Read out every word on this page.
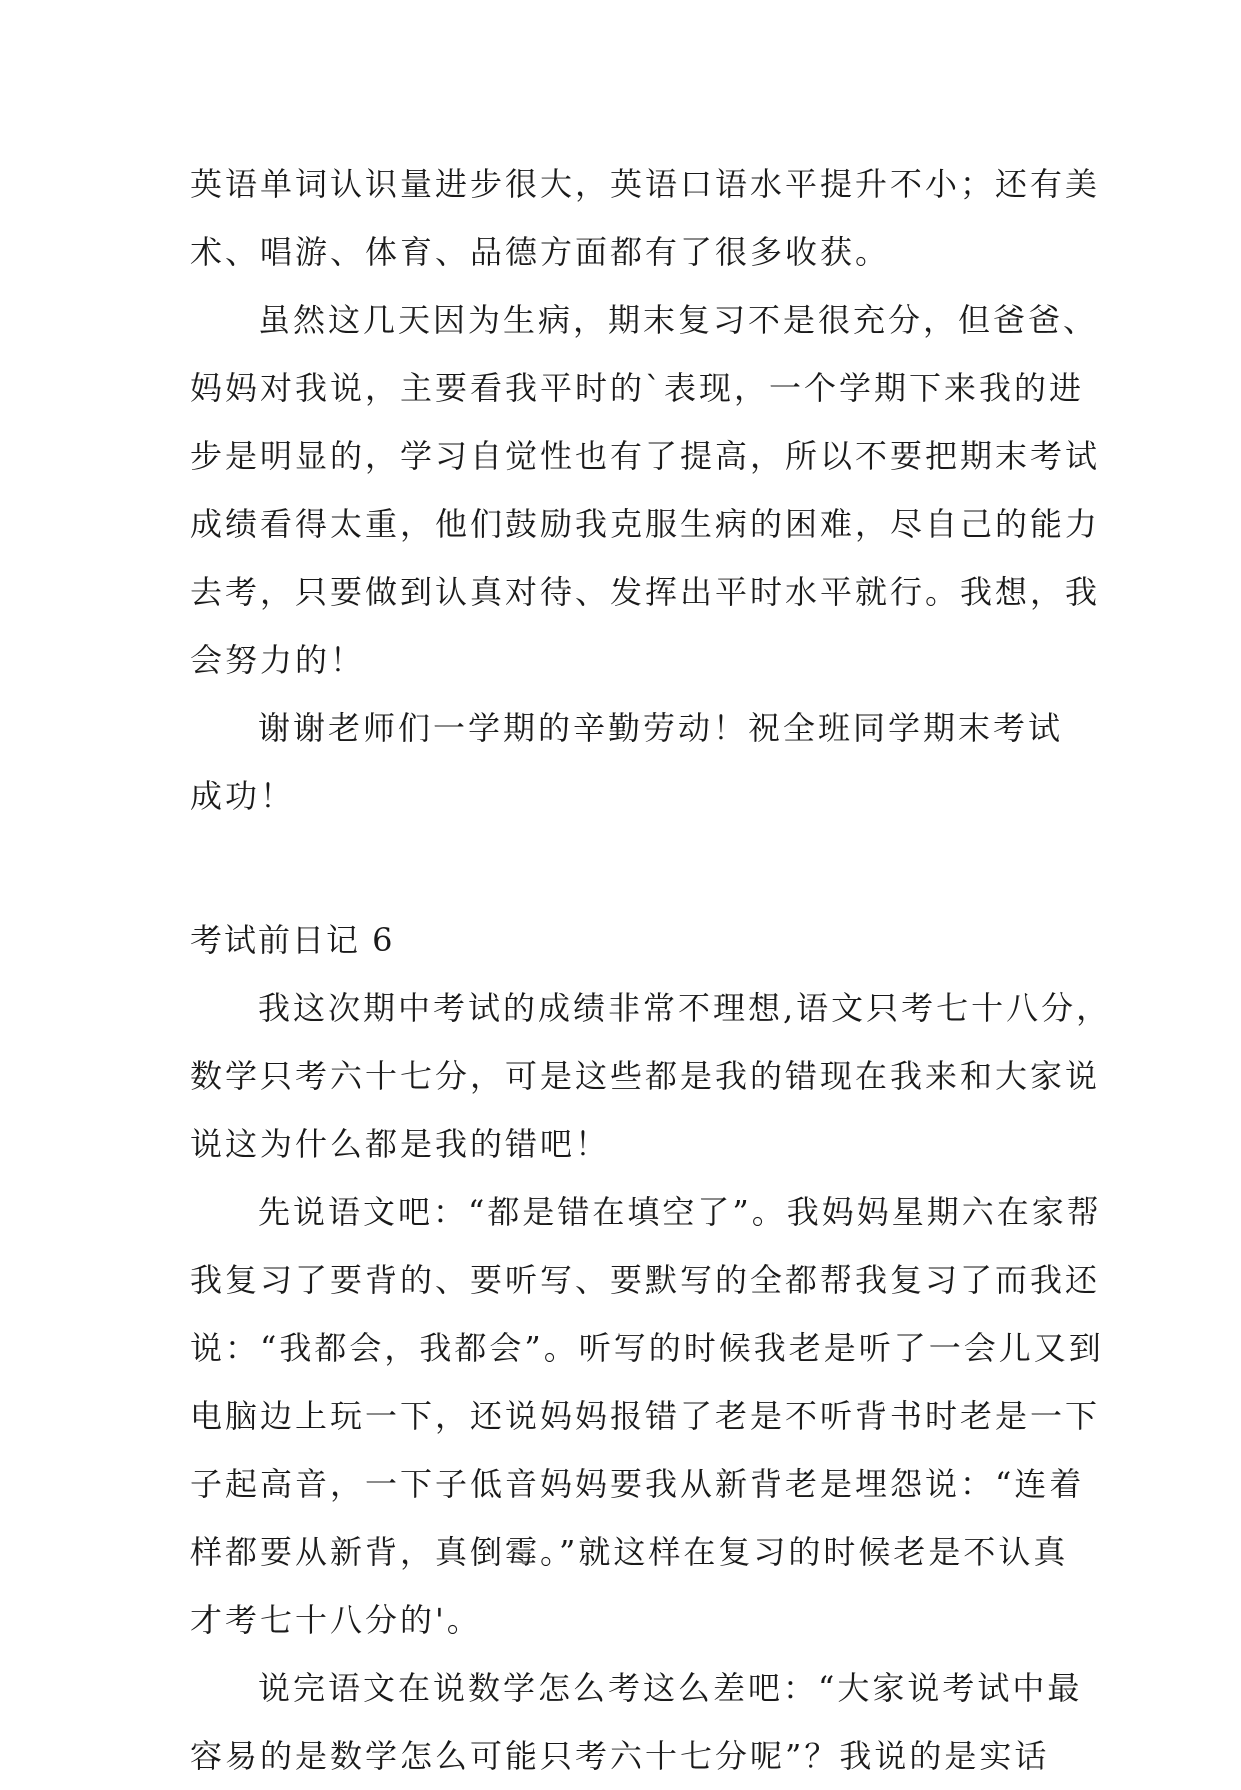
英语单词认识量进步很大，英语口语水平提升不小；还有美
术、唱游、体育、品德方面都有了很多收获。
虽然这几天因为生病，期末复习不是很充分，但爸爸、
妈妈对我说，主要看我平时的`表现，一个学期下来我的进
步是明显的，学习自觉性也有了提高，所以不要把期末考试
成绩看得太重，他们鼓励我克服生病的困难，尽自己的能力
去考，只要做到认真对待、发挥出平时水平就行。我想，我
会努力的！
谢谢老师们一学期的辛勤劳动！祝全班同学期末考试
成功！
考试前日记 6
我这次期中考试的成绩非常不理想,语文只考七十八分，
数学只考六十七分，可是这些都是我的错现在我来和大家说
说这为什么都是我的错吧！
先说语文吧：“都是错在填空了”。我妈妈星期六在家帮
我复习了要背的、要听写、要默写的全都帮我复习了而我还
说：“我都会，我都会”。听写的时候我老是听了一会儿又到
电脑边上玩一下，还说妈妈报错了老是不听背书时老是一下
子起高音，一下子低音妈妈要我从新背老是埋怨说：“连着
样都要从新背，真倒霉。”就这样在复习的时候老是不认真
才考七十八分的'。
说完语文在说数学怎么考这么差吧：“大家说考试中最
容易的是数学怎么可能只考六十七分呢”？我说的是实话
